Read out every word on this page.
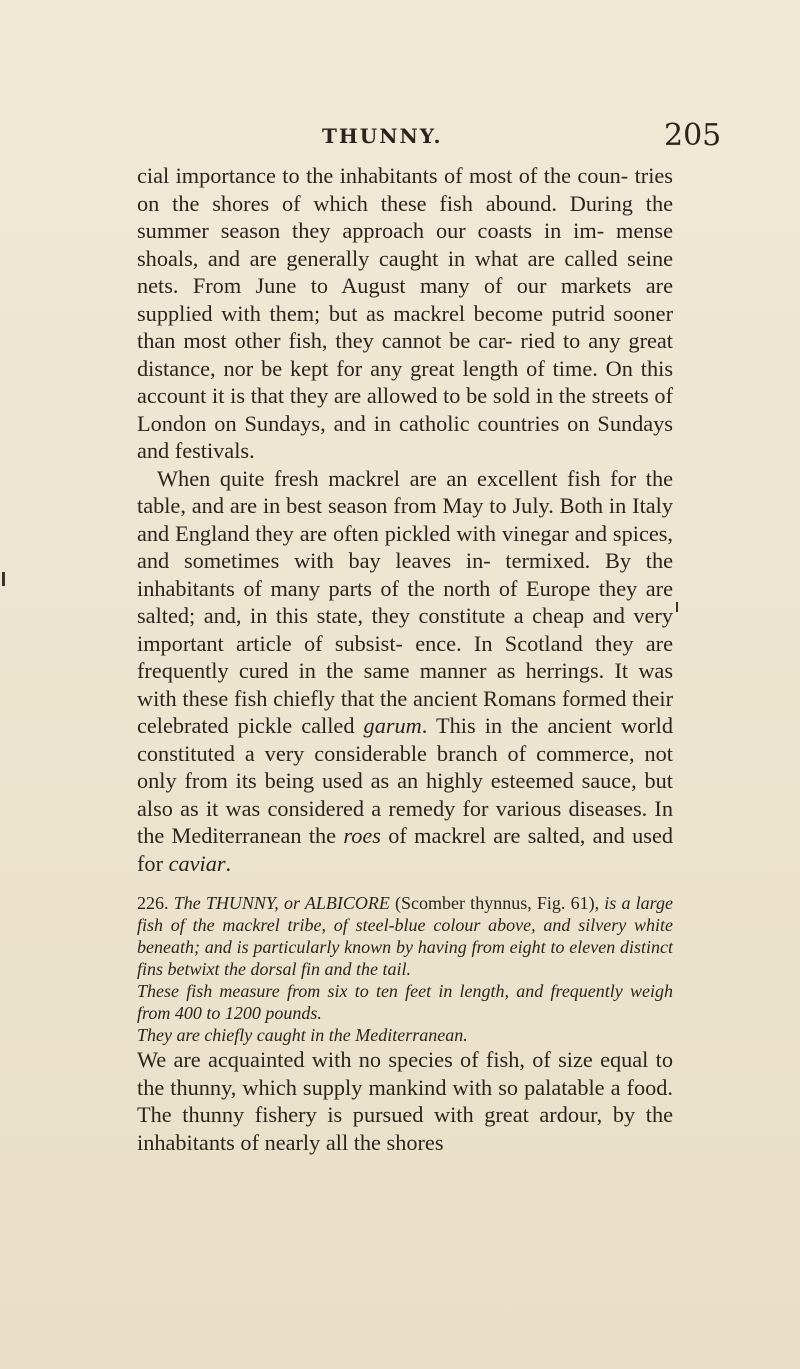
THUNNY.	205

cial importance to the inhabitants of most of the coun- tries on the shores of which these fish abound. During the summer season they approach our coasts in im- mense shoals, and are generally caught in what are called seine nets. From June to August many of our markets are supplied with them; but as mackrel become putrid sooner than most other fish, they cannot be car- ried to any great distance, nor be kept for any great length of time. On this account it is that they are allowed to be sold in the streets of London on Sundays, and in catholic countries on Sundays and festivals.

When quite fresh mackrel are an excellent fish for the table, and are in best season from May to July. Both in Italy and England they are often pickled with vinegar and spices, and sometimes with bay leaves in- termixed. By the inhabitants of many parts of the north of Europe they are salted; and, in this state, they constitute a cheap and very important article of subsist- ence. In Scotland they are frequently cured in the same manner as herrings. It was with these fish chiefly that the ancient Romans formed their celebrated pickle called garum. This in the ancient world constituted a very considerable branch of commerce, not only from its being used as an highly esteemed sauce, but also as it was considered a remedy for various diseases. In the Mediterranean the roes of mackrel are salted, and used for caviar.

226. The THUNNY, or ALBICORE (Scomber thynnus, Fig. 61), is a large fish of the mackrel tribe, of steel-blue colour above, and silvery white beneath; and is particularly known by having from eight to eleven distinct fins betwixt the dorsal fin and the tail.

These fish measure from six to ten feet in length, and frequently weigh from 400 to 1200 pounds.

They are chiefly caught in the Mediterranean.

We are acquainted with no species of fish, of size equal to the thunny, which supply mankind with so palatable a food. The thunny fishery is pursued with great ardour, by the inhabitants of nearly all the shores
